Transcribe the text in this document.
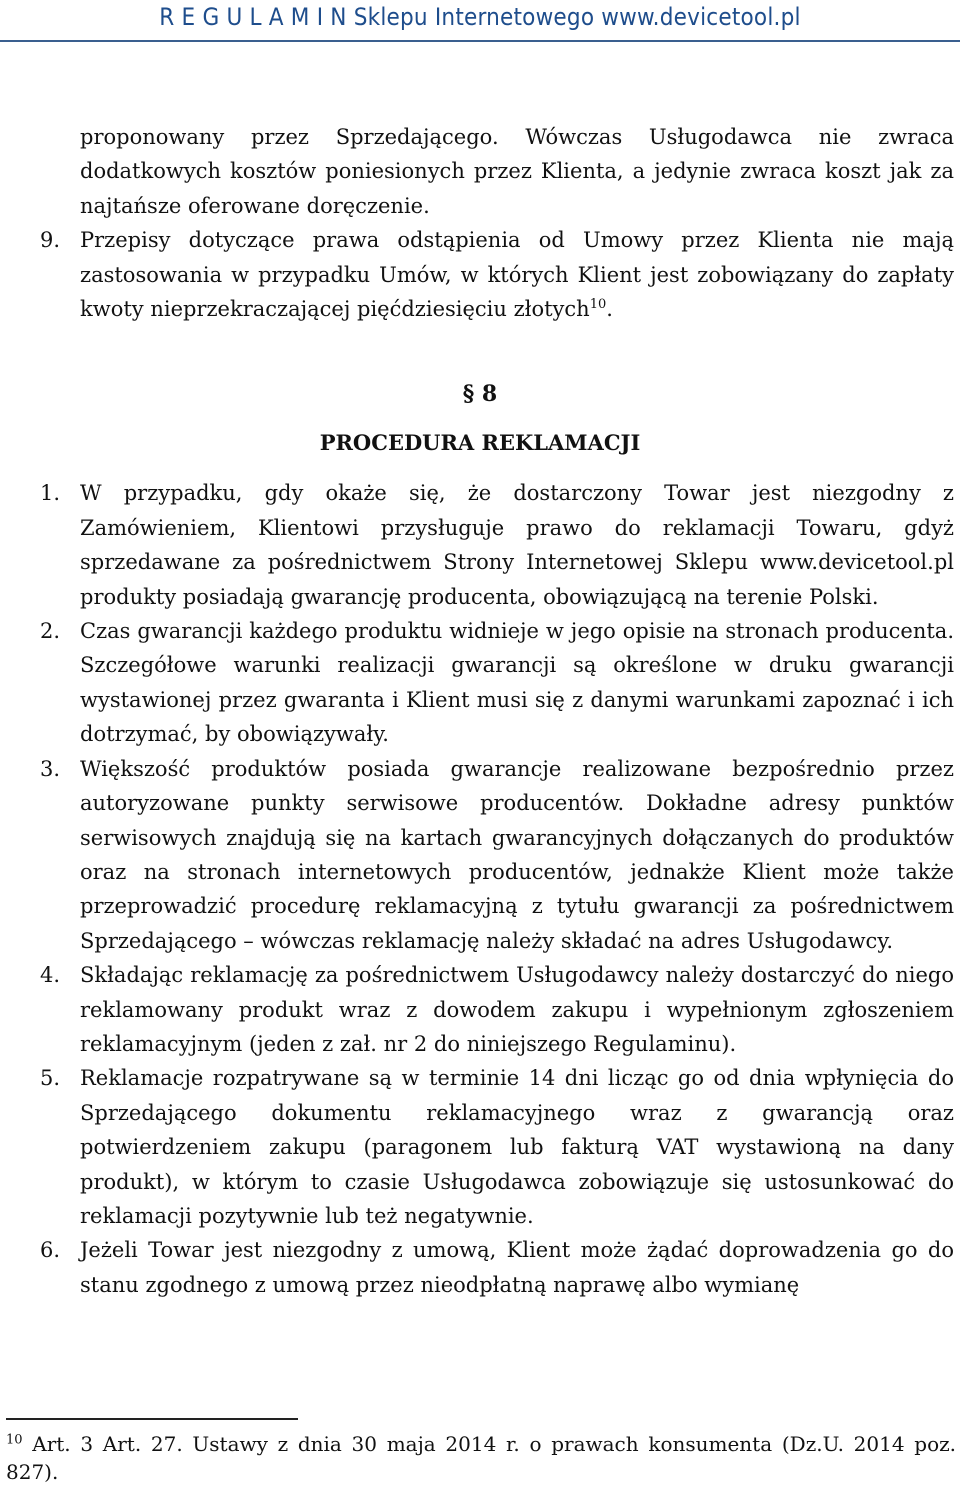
R E G U L A M I N Sklepu Internetowego www.devicetool.pl
proponowany przez Sprzedającego. Wówczas Usługodawca nie zwraca dodatkowych kosztów poniesionych przez Klienta, a jedynie zwraca koszt jak za najtańsze oferowane doręczenie.
9. Przepisy dotyczące prawa odstąpienia od Umowy przez Klienta nie mają zastosowania w przypadku Umów, w których Klient jest zobowiązany do zapłaty kwoty nieprzekraczającej pięćdziesięciu złotych$^{10}$.
§ 8
PROCEDURA REKLAMACJI
1. W przypadku, gdy okaże się, że dostarczony Towar jest niezgodny z Zamówieniem, Klientowi przysługuje prawo do reklamacji Towaru, gdyż sprzedawane za pośrednictwem Strony Internetowej Sklepu www.devicetool.pl produkty posiadają gwarancję producenta, obowiązującą na terenie Polski.
2. Czas gwarancji każdego produktu widnieje w jego opisie na stronach producenta. Szczegółowe warunki realizacji gwarancji są określone w druku gwarancji wystawionej przez gwaranta i Klient musi się z danymi warunkami zapoznać i ich dotrzymać, by obowiązywały.
3. Większość produktów posiada gwarancje realizowane bezpośrednio przez autoryzowane punkty serwisowe producentów. Dokładne adresy punktów serwisowych znajdują się na kartach gwarancyjnych dołączanych do produktów oraz na stronach internetowych producentów, jednakże Klient może także przeprowadzić procedurę reklamacyjną z tytułu gwarancji za pośrednictwem Sprzedającego – wówczas reklamację należy składać na adres Usługodawcy.
4. Składając reklamację za pośrednictwem Usługodawcy należy dostarczyć do niego reklamowany produkt wraz z dowodem zakupu i wypełnionym zgłoszeniem reklamacyjnym (jeden z zał. nr 2 do niniejszego Regulaminu).
5. Reklamacje rozpatrywane są w terminie 14 dni licząc go od dnia wpłynięcia do Sprzedającego dokumentu reklamacyjnego wraz z gwarancją oraz potwierdzeniem zakupu (paragonem lub fakturą VAT wystawioną na dany produkt), w którym to czasie Usługodawca zobowiązuje się ustosunkować do reklamacji pozytywnie lub też negatywnie.
6. Jeżeli Towar jest niezgodny z umową, Klient może żądać doprowadzenia go do stanu zgodnego z umową przez nieodpłatną naprawę albo wymianę
$^{10}$ Art. 3 Art. 27. Ustawy z dnia 30 maja 2014 r. o prawach konsumenta (Dz.U. 2014 poz. 827).
